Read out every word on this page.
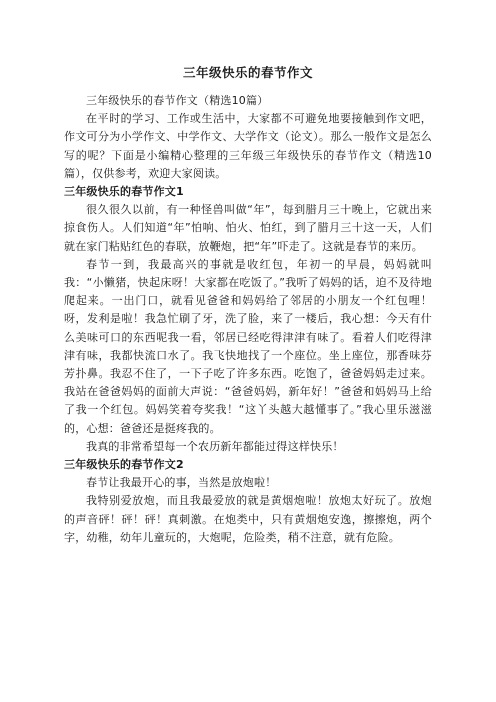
三年级快乐的春节作文

三年级快乐的春节作文（精选10篇）

在平时的学习、工作或生活中，大家都不可避免地要接触到作文吧，作文可分为小学作文、中学作文、大学作文（论文）。那么一般作文是怎么写的呢？下面是小编精心整理的三年级三年级快乐的春节作文（精选10篇），仅供参考，欢迎大家阅读。

三年级快乐的春节作文1

很久很久以前，有一种怪兽叫做“年”，每到腊月三十晚上，它就出来掠食伤人。人们知道“年”怕响、怕火、怕红，到了腊月三十这一天，人们就在家门粘贴红色的春联，放鞭炮，把“年”吓走了。这就是春节的来历。

春节一到，我最高兴的事就是收红包，年初一的早晨，妈妈就叫我：“小懒猪，快起床呀！大家都在吃饭了。”我听了妈妈的话，迫不及待地爬起来。一出门口，就看见爸爸和妈妈给了邻居的小朋友一个红包哩！呀，发利是啦！我急忙刷了牙，洗了脸，来了一楼后，我心想：今天有什么美味可口的东西呢我一看，邻居已经吃得津津有味了。看着人们吃得津津有味，我都快流口水了。我飞快地找了一个座位。坐上座位，那香味芬芳扑鼻。我忍不住了，一下子吃了许多东西。吃饱了，爸爸妈妈走过来。我站在爸爸妈妈的面前大声说：“爸爸妈妈，新年好！”爸爸和妈妈马上给了我一个红包。妈妈笑着夸奖我！“这丫头越大越懂事了。”我心里乐滋滋的，心想：爸爸还是挺疼我的。

我真的非常希望每一个农历新年都能过得这样快乐！

三年级快乐的春节作文2

春节让我最开心的事，当然是放炮啦！

我特别爱放炮，而且我最爱放的就是黄烟炮啦！放炮太好玩了。放炮的声音砰！砰！砰！真刺激。在炮类中，只有黄烟炮安逸，擦擦炮，两个字，幼稚，幼年儿童玩的，大炮呢，危险类，稍不注意，就有危险。
